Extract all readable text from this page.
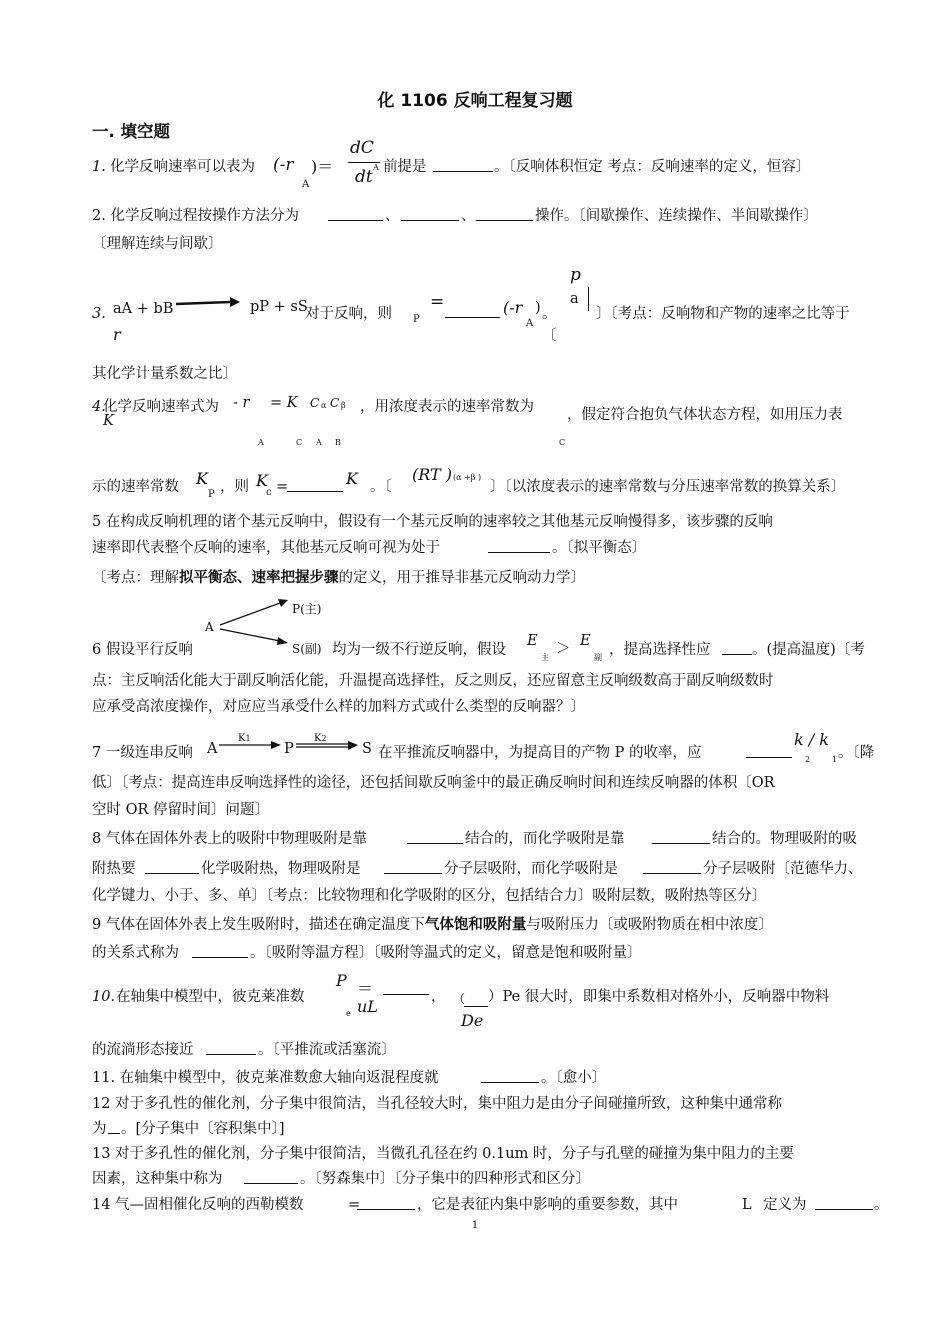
化 1106 反响工程复习题
一. 填空题
1. 化学反响速率可以表为 (-r
A
)＝
dC
dt A 前提是	。〔反响体积恒定 考点：反响速率的定义，恒容〕
2. 化学反响过程按操作方法分为	、	、	操作。〔间歇操作、连续操作、半间歇操作〕
〔理解连续与间歇〕
p
a
3. aA + bB	pP + sS
对于反响，则
r
P
=	(-r
A
) 。	〕〔考点：反响物和产物的速率之比等于
〔
其化学计量系数之比〕
4.
化学反响速率式为 - r = K C α C β ，用浓度表示的速率常数为 ，假定符合抱负气体状态方程，如用压力表
K
A	C A B	C
示的速率常数 K
P ，则 K
c =	K 。〔
(RT ) (α +β )
〕〔以浓度表示的速率常数与分压速率常数的换算关系〕
5 在构成反响机理的诸个基元反响中，假设有一个基元反响的速率较之其他基元反响慢得多，该步骤的反响
速率即代表整个反响的速率，其他基元反响可视为处于	。〔拟平衡态〕
〔考点：理解拟平衡态、速率把握步骤的定义，用于推导非基元反响动力学〕
P(主)
A
6 假设平行反响	S(副) 均为一级不行逆反响，假设
E
主
＞ E
副 ，提高选择性应	。(提高温度)〔考
点：主反响活化能大于副反响活化能，升温提高选择性，反之则反，还应留意主反响级数高于副反响级数时
应承受高浓度操作，对应应当承受什么样的加料方式或什么类型的反响器？〕
7 一级连串反响 A
K1
P
K2
S 在平推流反响器中，为提高目的产物 P 的收率，应
k / k
2	1 。〔降
低〕〔考点：提高连串反响选择性的途径，还包括间歇反响釜中的最正确反响时间和连续反响器的体积〔OR
空时 OR 停留时间〕问题〕
8 气体在固体外表上的吸附中物理吸附是靠	结合的，而化学吸附是靠	结合的。物理吸附的吸
附热要	化学吸附热，物理吸附是	分子层吸附，而化学吸附是	分子层吸附〔范德华力、
化学键力、小于、多、单〕〔考点：比较物理和化学吸附的区分，包括结合力〕吸附层数，吸附热等区分〕
9 气体在固体外表上发生吸附时，描述在确定温度下气体饱和吸附量与吸附压力〔或吸附物质在相中浓度〕
的关系式称为	。〔吸附等温方程〕〔吸附等温式的定义，留意是饱和吸附量〕
10. 在轴集中模型中，彼克莱准数
P
e
＝
uL	， （
De
）Pe 很大时，即集中系数相对格外小，反响器中物料
的流淌形态接近	。〔平推流或活塞流〕
11. 在轴集中模型中，彼克莱准数愈大轴向返混程度就	。〔愈小〕
12 对于多孔性的催化剂，分子集中很简洁，当孔径较大时，集中阻力是由分子间碰撞所致，这种集中通常称
为 。[分子集中〔容积集中〕]
13 对于多孔性的催化剂，分子集中很简洁，当微孔孔径在约 0.1um 时，分子与孔壁的碰撞为集中阻力的主要
因素，这种集中称为	。〔努森集中〕〔分子集中的四种形式和区分〕
14 气—固相催化反响的西勒模数	=	，它是表征内集中影响的重要参数，其中	L 定义为	。
1
